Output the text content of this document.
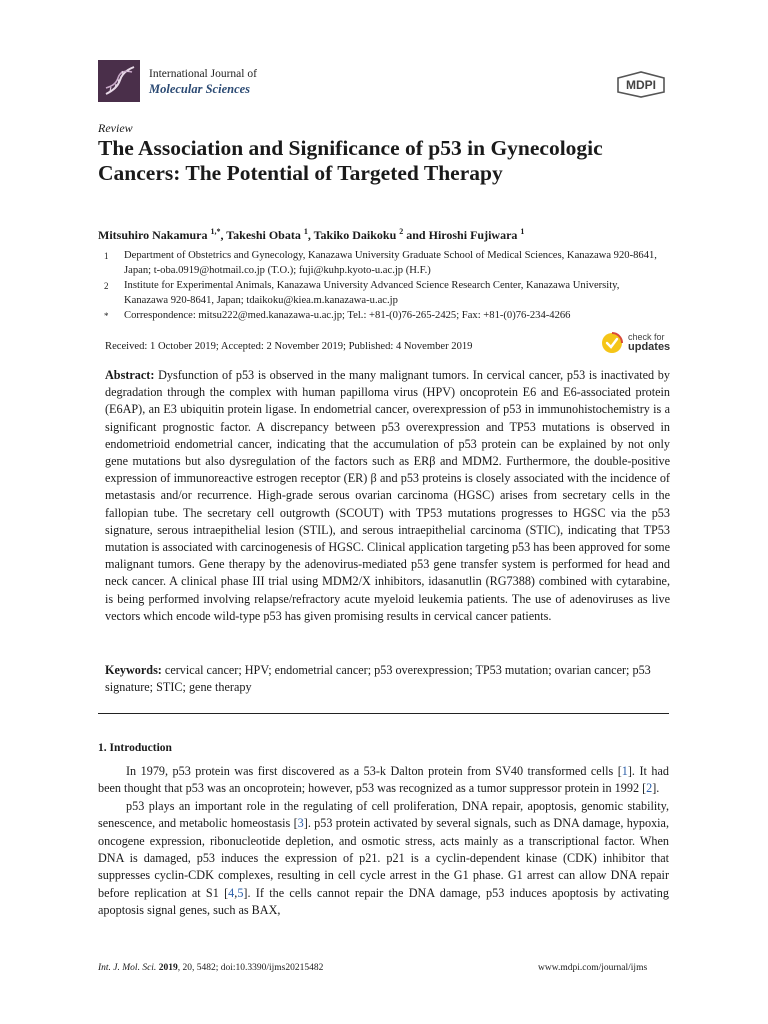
International Journal of
Molecular Sciences	MDPI
Review
The Association and Significance of p53 in Gynecologic Cancers: The Potential of Targeted Therapy
Mitsuhiro Nakamura $^{1,*}$, Takeshi Obata $^1$, Takiko Daikoku $^2$ and Hiroshi Fujiwara $^1$
1 Department of Obstetrics and Gynecology, Kanazawa University Graduate School of Medical Sciences, Kanazawa 920-8641, Japan; t-oba.0919@hotmail.co.jp (T.O.); fuji@kuhp.kyoto-u.ac.jp (H.F.)
2 Institute for Experimental Animals, Kanazawa University Advanced Science Research Center, Kanazawa University, Kanazawa 920-8641, Japan; tdaikoku@kiea.m.kanazawa-u.ac.jp
* Correspondence: mitsu222@med.kanazawa-u.ac.jp; Tel.: +81-(0)76-265-2425; Fax: +81-(0)76-234-4266
Received: 1 October 2019; Accepted: 2 November 2019; Published: 4 November 2019
check for
updates
Abstract: Dysfunction of p53 is observed in the many malignant tumors. In cervical cancer, p53 is inactivated by degradation through the complex with human papilloma virus (HPV) oncoprotein E6 and E6-associated protein (E6AP), an E3 ubiquitin protein ligase. In endometrial cancer, overexpression of p53 in immunohistochemistry is a significant prognostic factor. A discrepancy between p53 overexpression and TP53 mutations is observed in endometrioid endometrial cancer, indicating that the accumulation of p53 protein can be explained by not only gene mutations but also dysregulation of the factors such as ERβ and MDM2. Furthermore, the double-positive expression of immunoreactive estrogen receptor (ER) β and p53 proteins is closely associated with the incidence of metastasis and/or recurrence. High-grade serous ovarian carcinoma (HGSC) arises from secretary cells in the fallopian tube. The secretary cell outgrowth (SCOUT) with TP53 mutations progresses to HGSC via the p53 signature, serous intraepithelial lesion (STIL), and serous intraepithelial carcinoma (STIC), indicating that TP53 mutation is associated with carcinogenesis of HGSC. Clinical application targeting p53 has been approved for some malignant tumors. Gene therapy by the adenovirus-mediated p53 gene transfer system is performed for head and neck cancer. A clinical phase III trial using MDM2/X inhibitors, idasanutlin (RG7388) combined with cytarabine, is being performed involving relapse/refractory acute myeloid leukemia patients. The use of adenoviruses as live vectors which encode wild-type p53 has given promising results in cervical cancer patients.
Keywords: cervical cancer; HPV; endometrial cancer; p53 overexpression; TP53 mutation; ovarian cancer; p53 signature; STIC; gene therapy
1. Introduction

In 1979, p53 protein was first discovered as a 53-k Dalton protein from SV40 transformed cells [1]. It had been thought that p53 was an oncoprotein; however, p53 was recognized as a tumor suppressor protein in 1992 [2].

p53 plays an important role in the regulating of cell proliferation, DNA repair, apoptosis, genomic stability, senescence, and metabolic homeostasis [3]. p53 protein activated by several signals, such as DNA damage, hypoxia, oncogene expression, ribonucleotide depletion, and osmotic stress, acts mainly as a transcriptional factor. When DNA is damaged, p53 induces the expression of p21. p21 is a cyclin-dependent kinase (CDK) inhibitor that suppresses cyclin-CDK complexes, resulting in cell cycle arrest in the G1 phase. G1 arrest can allow DNA repair before replication at S1 [4,5]. If the cells cannot repair the DNA damage, p53 induces apoptosis by activating apoptosis signal genes, such as BAX,

Int. J. Mol. Sci. 2019, 20, 5482; doi:10.3390/ijms20215482	www.mdpi.com/journal/ijms
